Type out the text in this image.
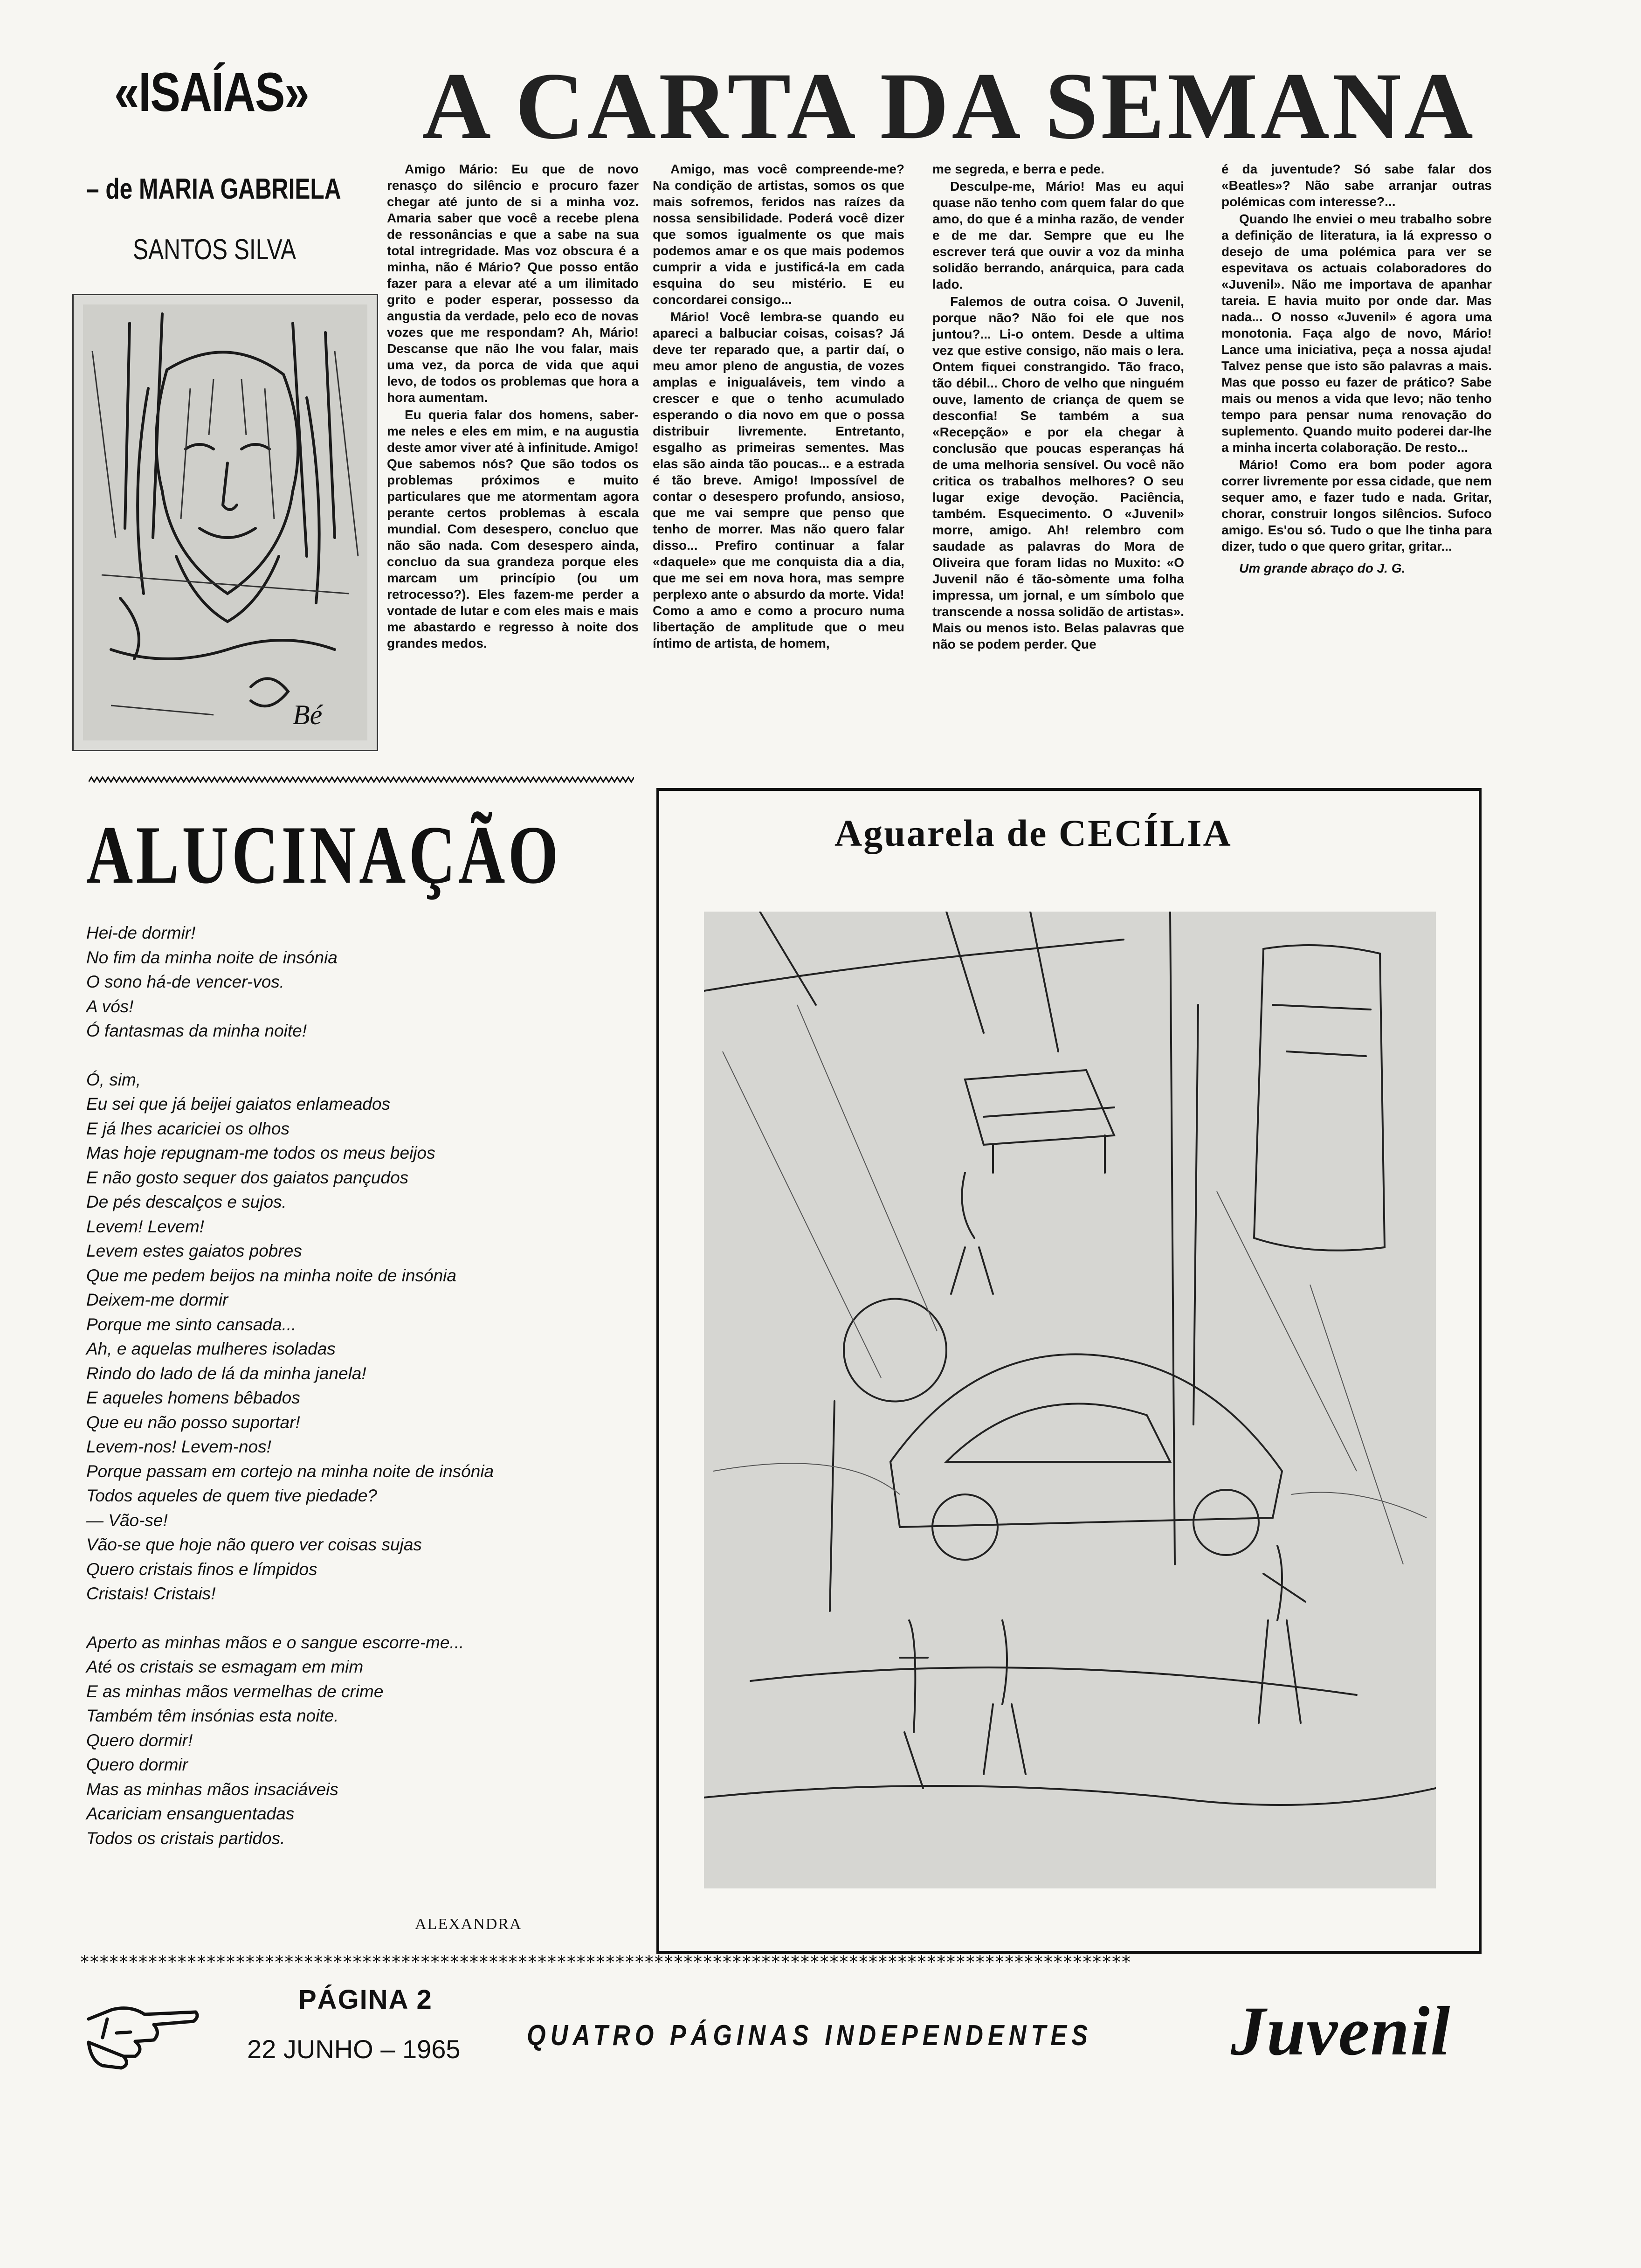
«ISAÍAS»
– de MARIA GABRIELA
SANTOS SILVA
A CARTA DA SEMANA
Bé

Amigo Mário: Eu que de novo renasço do silêncio e procuro fazer chegar até junto de si a minha voz. Amaria saber que você a recebe plena de ressonâncias e que a sabe na sua total intregridade. Mas voz obscura é a minha, não é Mário? Que posso então fazer para a elevar até a um ilimitado grito e poder esperar, possesso da angustia da verdade, pelo eco de novas vozes que me respondam? Ah, Mário! Descanse que não lhe vou falar, mais uma vez, da porca de vida que aqui levo, de todos os problemas que hora a hora aumentam.

Eu queria falar dos homens, saber-me neles e eles em mim, e na augustia deste amor viver até à infinitude. Amigo! Que sabemos nós? Que são todos os problemas próximos e muito particulares que me atormentam agora perante certos problemas à escala mundial. Com desespero, concluo que não são nada. Com desespero ainda, concluo da sua grandeza porque eles marcam um princípio (ou um retrocesso?). Eles fazem-me perder a vontade de lutar e com eles mais e mais me abastardo e regresso à noite dos grandes medos.

Amigo, mas você compreende-me? Na condição de artistas, somos os que mais sofremos, feridos nas raízes da nossa sensibilidade. Poderá você dizer que somos igualmente os que mais podemos amar e os que mais podemos cumprir a vida e justificá-la em cada esquina do seu mistério. E eu concordarei consigo...

Mário! Você lembra-se quando eu apareci a balbuciar coisas, coisas? Já deve ter reparado que, a partir daí, o meu amor pleno de angustia, de vozes amplas e inigualáveis, tem vindo a crescer e que o tenho acumulado esperando o dia novo em que o possa distribuir livremente. Entretanto, esgalho as primeiras sementes. Mas elas são ainda tão poucas... e a estrada é tão breve. Amigo! Impossível de contar o desespero profundo, ansioso, que me vai sempre que penso que tenho de morrer. Mas não quero falar disso... Prefiro continuar a falar «daquele» que me conquista dia a dia, que me sei em nova hora, mas sempre perplexo ante o absurdo da morte. Vida! Como a amo e como a procuro numa libertação de amplitude que o meu íntimo de artista, de homem,

me segreda, e berra e pede.

Desculpe-me, Mário! Mas eu aqui quase não tenho com quem falar do que amo, do que é a minha razão, de vender e de me dar. Sempre que eu lhe escrever terá que ouvir a voz da minha solidão berrando, anárquica, para cada lado.

Falemos de outra coisa. O Juvenil, porque não? Não foi ele que nos juntou?... Li-o ontem. Desde a ultima vez que estive consigo, não mais o lera. Ontem fiquei constrangido. Tão fraco, tão débil... Choro de velho que ninguém ouve, lamento de criança de quem se desconfia! Se também a sua «Recepção» e por ela chegar à conclusão que poucas esperanças há de uma melhoria sensível. Ou você não critica os trabalhos melhores? O seu lugar exige devoção. Paciência, também. Esquecimento. O «Juvenil» morre, amigo. Ah! relembro com saudade as palavras do Mora de Oliveira que foram lidas no Muxito: «O Juvenil não é tão-sòmente uma folha impressa, um jornal, e um símbolo que transcende a nossa solidão de artistas». Mais ou menos isto. Belas palavras que não se podem perder. Que

é da juventude? Só sabe falar dos «Beatles»? Não sabe arranjar outras polémicas com interesse?...

Quando lhe enviei o meu trabalho sobre a definição de literatura, ia lá expresso o desejo de uma polémica para ver se espevitava os actuais colaboradores do «Juvenil». Não me importava de apanhar tareia. E havia muito por onde dar. Mas nada... O nosso «Juvenil» é agora uma monotonia. Faça algo de novo, Mário! Lance uma iniciativa, peça a nossa ajuda! Talvez pense que isto são palavras a mais. Mas que posso eu fazer de prático? Sabe mais ou menos a vida que levo; não tenho tempo para pensar numa renovação do suplemento. Quando muito poderei dar-lhe a minha incerta colaboração. De resto...

Mário! Como era bom poder agora correr livremente por essa cidade, que nem sequer amo, e fazer tudo e nada. Gritar, chorar, construir longos silêncios. Sufoco amigo. Es'ou só. Tudo o que lhe tinha para dizer, tudo o que quero gritar, gritar...

Um grande abraço do J. G.

ALUCINAÇÃO
Hei-de dormir!
No fim da minha noite de insónia
O sono há-de vencer-vos.
A vós!
Ó fantasmas da minha noite!
Ó, sim,
Eu sei que já beijei gaiatos enlameados
E já lhes acariciei os olhos
Mas hoje repugnam-me todos os meus beijos
E não gosto sequer dos gaiatos pançudos
De pés descalços e sujos.
Levem! Levem!
Levem estes gaiatos pobres
Que me pedem beijos na minha noite de insónia
Deixem-me dormir
Porque me sinto cansada...
Ah, e aquelas mulheres isoladas
Rindo do lado de lá da minha janela!
E aqueles homens bêbados
Que eu não posso suportar!
Levem-nos! Levem-nos!
Porque passam em cortejo na minha noite de insónia
Todos aqueles de quem tive piedade?
— Vão-se!
Vão-se que hoje não quero ver coisas sujas
Quero cristais finos e límpidos
Cristais! Cristais!
Aperto as minhas mãos e o sangue escorre-me...
Até os cristais se esmagam em mim
E as minhas mãos vermelhas de crime
Também têm insónias esta noite.
Quero dormir!
Quero dormir
Mas as minhas mãos insaciáveis
Acariciam ensanguentadas
Todos os cristais partidos.
ALEXANDRA
Aguarela de CECÍLIA
************************************************************************************************************
PÁGINA 2
22 JUNHO – 1965 QUATRO PÁGINAS INDEPENDENTES Juvenil
